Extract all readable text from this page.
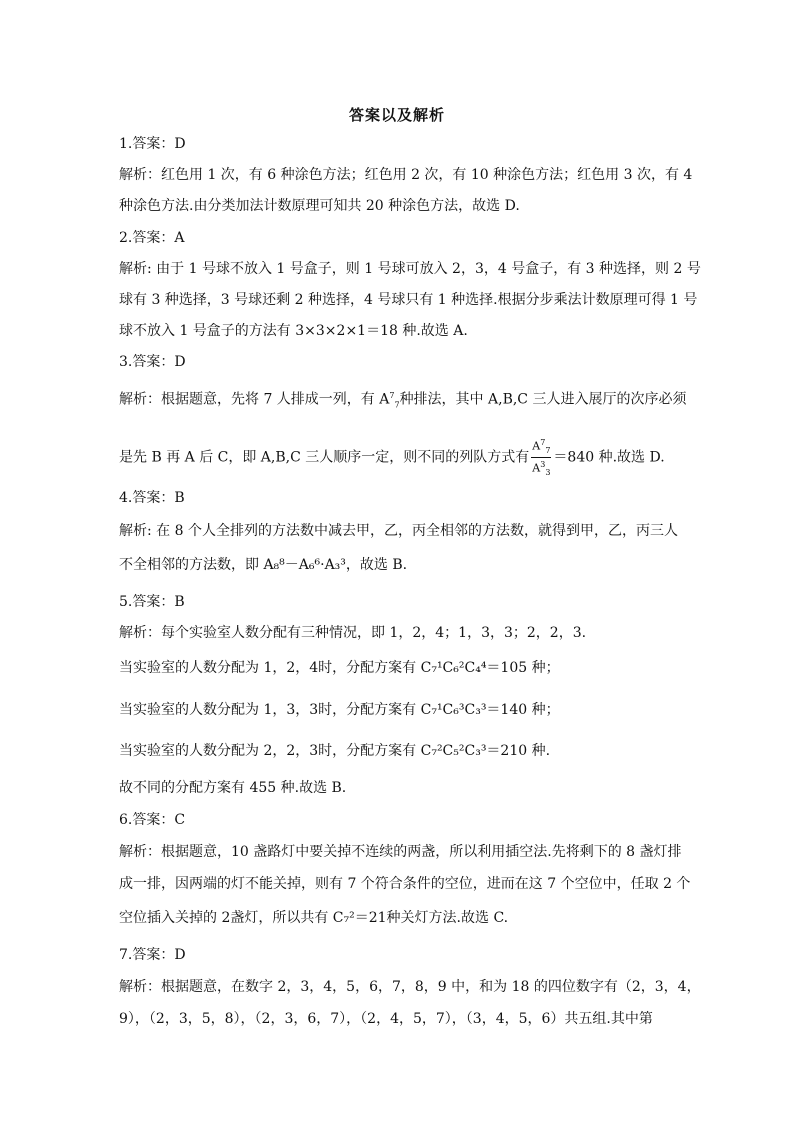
答案以及解析
1.答案：D
解析：红色用 1 次，有 6 种涂色方法；红色用 2 次，有 10 种涂色方法；红色用 3 次，有 4
种涂色方法.由分类加法计数原理可知共 20 种涂色方法，故选 D.
2.答案：A
解析: 由于 1 号球不放入 1 号盒子，则 1 号球可放入 2，3，4 号盒子，有 3 种选择，则 2 号
球有 3 种选择，3 号球还剩 2 种选择，4 号球只有 1 种选择.根据分步乘法计数原理可得 1 号
球不放入 1 号盒子的方法有 3×3×2×1＝18 种.故选 A.
3.答案：D
解析：根据题意，先将 7 人排成一列，有 $A^7_7$种排法，其中 A,B,C 三人进入展厅的次序必须
是先 B 再 A 后 C，即 A,B,C 三人顺序一定，则不同的列队方式有 $\frac{A^7_7}{A^3_3} =840$ 种.故选 D.
4.答案：B
解析: 在 8 个人全排列的方法数中减去甲，乙，丙全相邻的方法数，就得到甲，乙，丙三人
不全相邻的方法数，即 A₈⁸－A₆⁶·A₃³，故选 B.
5.答案：B
解析：每个实验室人数分配有三种情况，即 1，2，4；1，3，3；2，2，3.
当实验室的人数分配为 1，2，4时，分配方案有 C₇¹C₆²C₄⁴＝105 种；
当实验室的人数分配为 1，3，3时，分配方案有 C₇¹C₆³C₃³＝140 种；
当实验室的人数分配为 2，2，3时，分配方案有 C₇²C₅²C₃³＝210 种.
故不同的分配方案有 455 种.故选 B.
6.答案：C
解析：根据题意，10 盏路灯中要关掉不连续的两盏，所以利用插空法.先将剩下的 8 盏灯排
成一排，因两端的灯不能关掉，则有 7 个符合条件的空位，进而在这 7 个空位中，任取 2 个
空位插入关掉的 2盏灯，所以共有 C₇²＝21种关灯方法.故选 C.
7.答案：D
解析：根据题意，在数字 2，3，4，5，6，7，8，9 中，和为 18 的四位数字有（2，3，4，
9），（2，3，5，8），（2，3，6，7），（2，4，5，7），（3，4，5，6）共五组.其中第
